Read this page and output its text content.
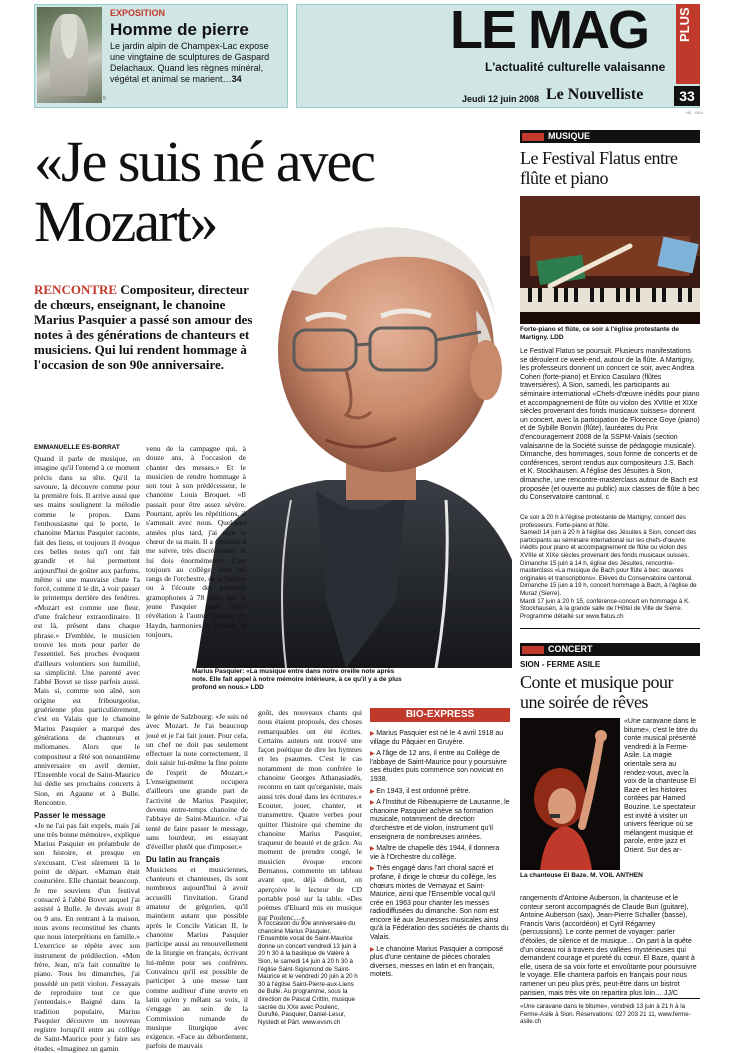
B
EXPOSITION
Homme de pierre
Le jardin alpin de Champex-Lac expose une vingtaine de sculptures de Gaspard Delachaux. Quand les règnes minéral, végétal et animal se marient…34
LE MAG PLUS
L'actualité culturelle valaisanne
Jeudi 12 juin 2008 Le Nouvelliste	33
NE - BKU
«Je suis né avec Mozart»
RENCONTRE Compositeur, directeur de chœurs, enseignant, le chanoine Marius Pasquier a passé son amour des notes à des générations de chanteurs et musiciens. Qui lui rendent hommage à l'occasion de son 90e anniversaire.
EMMANUELLE ES-BORRAT

Quand il parle de musique, on imagine qu'il l'entend à ce moment précis dans sa tête. Qu'il la savoure, la découvre comme pour la première fois. Il arrive aussi que ses mains soulignent la mélodie comme le propos. Dans l'enthousiasme qui le porte, le chanoine Marius Pasquier raconte, fait des liens, et toujours il évoque ces belles notes qu'l ont fait grandir et lui permettent aujourd'hui de goûter aux parfums, même si une mauvaise chute l'a forcé, comme il le dit, à voir passer le printemps derrière des fenêtres. «Mozart est comme une fleur, d'une fraîcheur extraordinaire. Il est là, présent dans chaque phrase.» D'emblée, le musicien trouve les mots pour parler de l'essentiel. Ses proches évoquent d'ailleurs volontiers son humilité, sa simplicité. Une parenté avec l'abbé Bovet se tisse parfois aussi. Mais si, comme son aîné, son origine est fribourgeoise, gruérienne plus particulièrement, c'est en Valais que le chanoine Marius Pasquier a marqué des générations de chanteurs et mélomanes. Alors que le compositeur a fêté son nonantième anniversaire en avril dernier, l'Ensemble vocal de Saint-Maurice lui dédie ses prochains concerts à Sion, en Agaune et à Bulle. Rencontre.

Passer le message

«Je ne l'ai pas fait exprès, mais j'ai une très bonne mémoire», explique Marius Pasquier en préambule de son histoire, et presque en s'excusant. C'est sûrement là le point de départ. «Maman était couturière. Elle chantait beaucoup. Je me souviens d'un festival consacré à l'abbé Bovet auquel j'ai assisté à Bulle. Je devais avoir 8 ou 9 ans. En rentrant à la maison, nous avons reconstitué les chants que nous interprétions en famille.» L'exercice se répète avec son instrument de prédilection. «Mon frère, Jean, m'a fait connaître le piano. Tous les dimanches, j'ai possédé un petit violon. J'essayais de reproduire tout ce que j'entendais.» Baigné dans la tradition populaire, Marius Pasquier découvre un nouveau registre lorsqu'il entre au collège de Saint-Maurice pour y faire ses études. «Imaginez un gamin

venu de la campagne qui, à douze ans, à l'occasion de chanter des messes.» Et le musicien de rendre hommage à son tour à son prédécesseur, le chanoine Louis Broquet. «Il passait pour être assez sévère. Pourtant, après les répétitions, il s'amusait avec nous. Quelques années plus tard, j'ai reçu le chœur de sa main. Il a continué à me suivre, très discrètement. Je lui dois énormément.» C'est toujours au collège, dans les rangs de l'orchestre, de la fanfare ou à l'écoute des premiers gramophones à 78 tours que le jeune Pasquier passe d'une révélation à l'autre. Quatuor de Haydn, harmonies de Wagner, et toujours,

Marius Pasquier: «La musique entre dans notre oreille note après note. Elle fait appel à notre mémoire intérieure, à ce qu'il y a de plus profond en nous.» LDD

le génie de Salzbourg: «Je suis né avec Mozart. Je l'ai beaucoup joué et je l'ai fait jouer. Pour cela, un chef ne doit pas seulement effectuer la note correctement, il doit saisir lui-même la fine pointe de l'esprit de Mozart.» L'enseignement occupera d'ailleurs une grande part de l'activité de Marius Pasquier, devenu entre-temps chanoine de l'abbaye de Saint-Maurice. «J'ai tenté de faire passer le message, sans lourdeur, en essayant d'éveiller plutôt que d'imposer.»

Du latin au français

Musiciens et musiciennes, chanteurs et chanteuses, ils sont nombreux aujourd'hui à avoir accueilli l'invitation. Grand amateur de grégorien, qu'il maintient autant que possible après le Concile Vatican II, le chanoine Marius Pasquier participe aussi au renouvellement de la liturgie en français, écrivant lui-même pour ses confrères. Convaincu qu'il est possible de participer à une messe tant comme auditeur d'une œuvre en latin qu'en y mêlant sa voix, il s'engage au sein de la Commission romande de musique liturgique avec exigence. «Face au débordement, parfois de mauvais

goût, des nouveaux chants qui nous étaient proposés, des choses remarquables ont été écrites. Certains auteurs ont trouvé une façon poétique de dire les hymnes et les psaumes. C'est le cas notamment de mon confrère le chanoine Georges Athanasiadès, reconnu en tant qu'organiste, mais aussi très doué dans les écritures.» Ecouter, jouer, chanter, et transmettre. Quatre verbes pour quitter l'histoire qui chemine du chanoine Marius Pasquier, traqueur de beauté et de grâce. Au moment de prendre congé, le musicien évoque encore Bernanos, commente un tableau avant que, déjà debout, on aperçoive le lecteur de CD portable posé sur la table. «Des poèmes d'Eluard mis en musique par Poulenc…»

A l'occasion du 90e anniversaire du chanoine Marius Pasquier, l'Ensemble vocal de Saint-Maurice donne un concert vendredi 13 juin à 20 h 30 à la basilique de Valère à Sion, le samedi 14 juin à 20 h 30 à l'église Saint-Sigismond de Saint-Maurice et le vendredi 20 juin à 20 h 30 à l'église Saint-Pierre-aux-Liens de Bulle. Au programme, sous la direction de Pascal Crittin, musique sacrée du XXe avec Poulenc, Duruflé, Pasquier, Daniel-Lesur, Nystedt et Pärt. www.evsm.ch
BIO-EXPRESS
▶ Marius Pasquier est né le 4 avril 1918 au village du Pâquier en Gruyère.
▶ A l'âge de 12 ans, il entre au Collège de l'abbaye de Saint-Maurice pour y poursuivre ses études puis commence son noviciat en 1938.
▶ En 1943, il est ordonné prêtre.
▶ A l'Institut de Ribeaupierre de Lausanne, le chanoine Pasquier achève sa formation musicale, notamment de direction d'orchestre et de violon, instrument qu'il enseignera de nombreuses années.
▶ Maître de chapelle dès 1944, il donnera vie à l'Orchestre du collège.
▶ Très engagé dans l'art choral sacré et profane, il dirige le chœur du collège, les chœurs mixtes de Vernayaz et Saint-Maurice, ainsi que l'Ensemble vocal qu'il crée en 1963 pour chanter les messes radiodiffusées du dimanche. Son nom est encore lié aux Jeunesses musicales ainsi qu'à la Fédération des sociétés de chants du Valais.
▶ Le chanoine Marius Pasquier a composé plus d'une centaine de pièces chorales diverses, messes en latin et en français, motets.
MUSIQUE
Le Festival Flatus entre flûte et piano
Forte-piano et flûte, ce soir à l'église protestante de Martigny. LDD
Le Festival Flatus se poursuit. Plusieurs manifestations se déroulent ce week-end, autour de la flûte. A Martigny, les professeurs donnent un concert ce soir, avec Andrea Cohen (forte-piano) et Enrico Casularo (flûtes traversières). A Sion, samedi, les participants au séminaire international «Chefs-d'œuvre inédits pour piano et accompagnement de flûte ou violon des XVIIIe et XIXe siècles provenant des fonds musicaux suisses» donnent un concert, avec la participation de Florence Goye (piano) et de Sybille Bonvin (flûte), lauréates du Prix d'encouragement 2008 de la SSPM-Valais (section valaisanne de la Société suisse de pédagogie musicale). Dimanche, des hommages, sous forme de concerts et de conférences, seront rendus aux compositeurs J.S. Bach et K. Stockhausen. A l'église des Jésuites à Sion, dimanche, une rencontre-masterclass autour de Bach est proposée (et ouverte au public) aux classes de flûte à bec du Conservatoire cantonal. c
Ce soir à 20 h à l'église protestante de Martigny, concert des professeurs. Forte-piano et flûte.
Samedi 14 juin à 20 h à l'église des Jésuites à Sion, concert des participants au séminaire international sur les chefs-d'œuvre inédits pour piano et accompagnement de flûte ou violon des XVIIIe et XIXe siècles provenant des fonds musicaux suisses.
Dimanche 15 juin à 14 h, église des Jésuites, rencontre-masterclass «La musique de Bach pour flûte à bec: œuvres originales et transcriptions». Elèves du Conservatoire cantonal.
Dimanche 15 juin à 19 h, concert hommage à Bach, à l'église de Muraz (Sierre).
Mardi 17 juin à 20 h 15, conférence-concert en hommage à K. Stockhausen, à la grande salle de l'Hôtel de Ville de Sierre.
Programme détaillé sur www.flatus.ch
CONCERT
SION - FERME ASILE
Conte et musique pour une soirée de rêves
La chanteuse El Baze. M. VOIL ANTHEN
«Une caravane dans le bitume», c'est le titre du conte musical présenté vendredi à la Ferme-Asile. La magie orientale sera au rendez-vous, avec la voix de la chanteuse El Baze et les histoires contées par Hamed Bouzine. Le spectateur est invité à visiter un univers féerique où se mélangent musique et parole, entre jazz et Orient. Sur des ar-
rangements d'Antoine Auberson, la chanteuse et le conteur seront accompagnés de Claude Buri (guitare), Antoine Auberson (sax), Jean-Pierre Schaller (basse), Francis Varis (accordéon) et Cyril Régamey (percussions). Le conte permet de voyager: parler d'étoiles, de silence et de musique… On part à la quête d'un oiseau roi à travers des vallées mystérieuses qui demandent courage et pureté du cœur. El Baze, quant à elle, usera de sa voix forte et envoûtante pour poursuivre le voyage. Elle chantera parfois en français pour nous ramener un peu plus près, peut-être dans un bistrot parisien, mais très vite on repartira plus loin… JJ/C
«Une caravane dans le bitume», vendredi 13 juin à 21 h à la Ferme-Asile à Sion. Réservations: 027 203 21 11, www.ferme-asile.ch
